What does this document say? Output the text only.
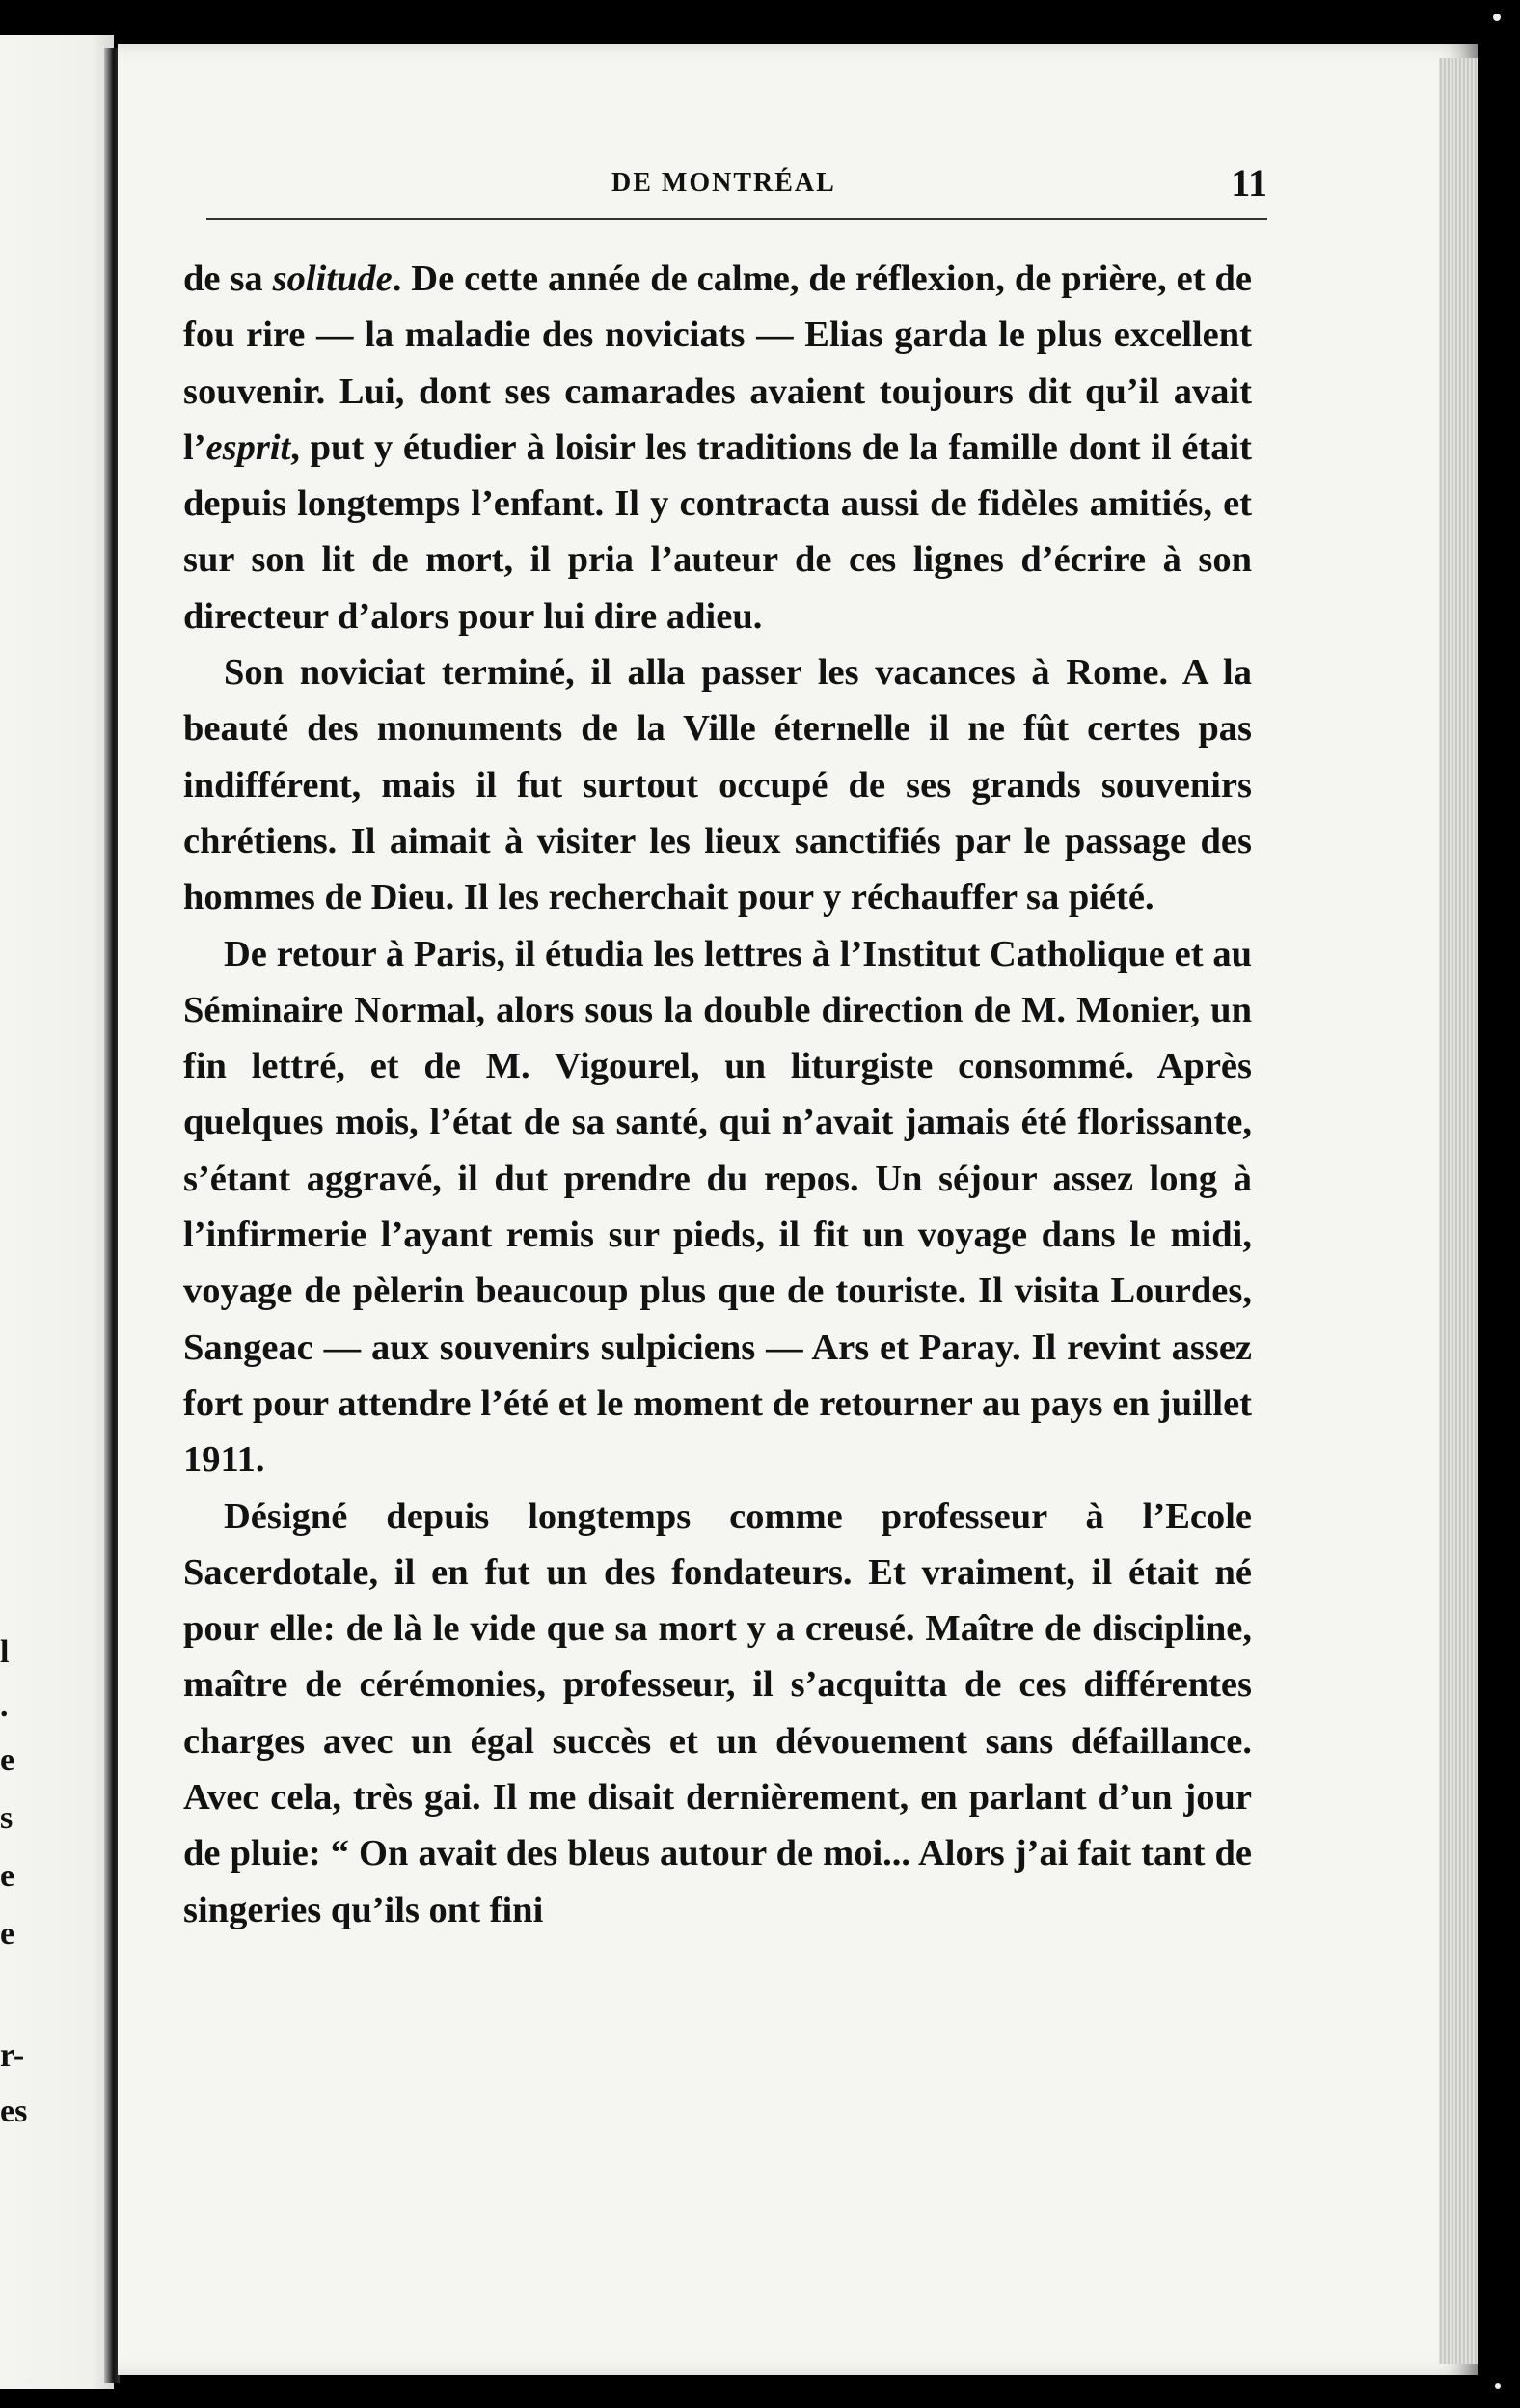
l
.
e
s
e
e
r-
es
DE MONTRÉAL	11

de sa solitude. De cette année de calme, de réflexion, de prière, et de fou rire — la maladie des noviciats — Elias garda le plus excellent souvenir. Lui, dont ses camarades avaient toujours dit qu’il avait l’esprit, put y étudier à loisir les traditions de la famille dont il était depuis longtemps l’enfant. Il y contracta aussi de fidèles amitiés, et sur son lit de mort, il pria l’auteur de ces lignes d’écrire à son directeur d’alors pour lui dire adieu.

Son noviciat terminé, il alla passer les vacances à Rome. A la beauté des monuments de la Ville éternelle il ne fût certes pas indifférent, mais il fut surtout occupé de ses grands souvenirs chrétiens. Il aimait à visiter les lieux sanctifiés par le passage des hommes de Dieu. Il les recherchait pour y réchauffer sa piété.

De retour à Paris, il étudia les lettres à l’Institut Catholique et au Séminaire Normal, alors sous la double direction de M. Monier, un fin lettré, et de M. Vigourel, un liturgiste consommé. Après quelques mois, l’état de sa santé, qui n’avait jamais été florissante, s’étant aggravé, il dut prendre du repos. Un séjour assez long à l’infirmerie l’ayant remis sur pieds, il fit un voyage dans le midi, voyage de pèlerin beaucoup plus que de touriste. Il visita Lourdes, Sangeac — aux souvenirs sulpiciens — Ars et Paray. Il revint assez fort pour attendre l’été et le moment de retourner au pays en juillet 1911.

Désigné depuis longtemps comme professeur à l’Ecole Sacerdotale, il en fut un des fondateurs. Et vraiment, il était né pour elle: de là le vide que sa mort y a creusé. Maître de discipline, maître de cérémonies, professeur, il s’acquitta de ces différentes charges avec un égal succès et un dévouement sans défaillance. Avec cela, très gai. Il me disait dernièrement, en parlant d’un jour de pluie: “ On avait des bleus autour de moi... Alors j’ai fait tant de singeries qu’ils ont fini
